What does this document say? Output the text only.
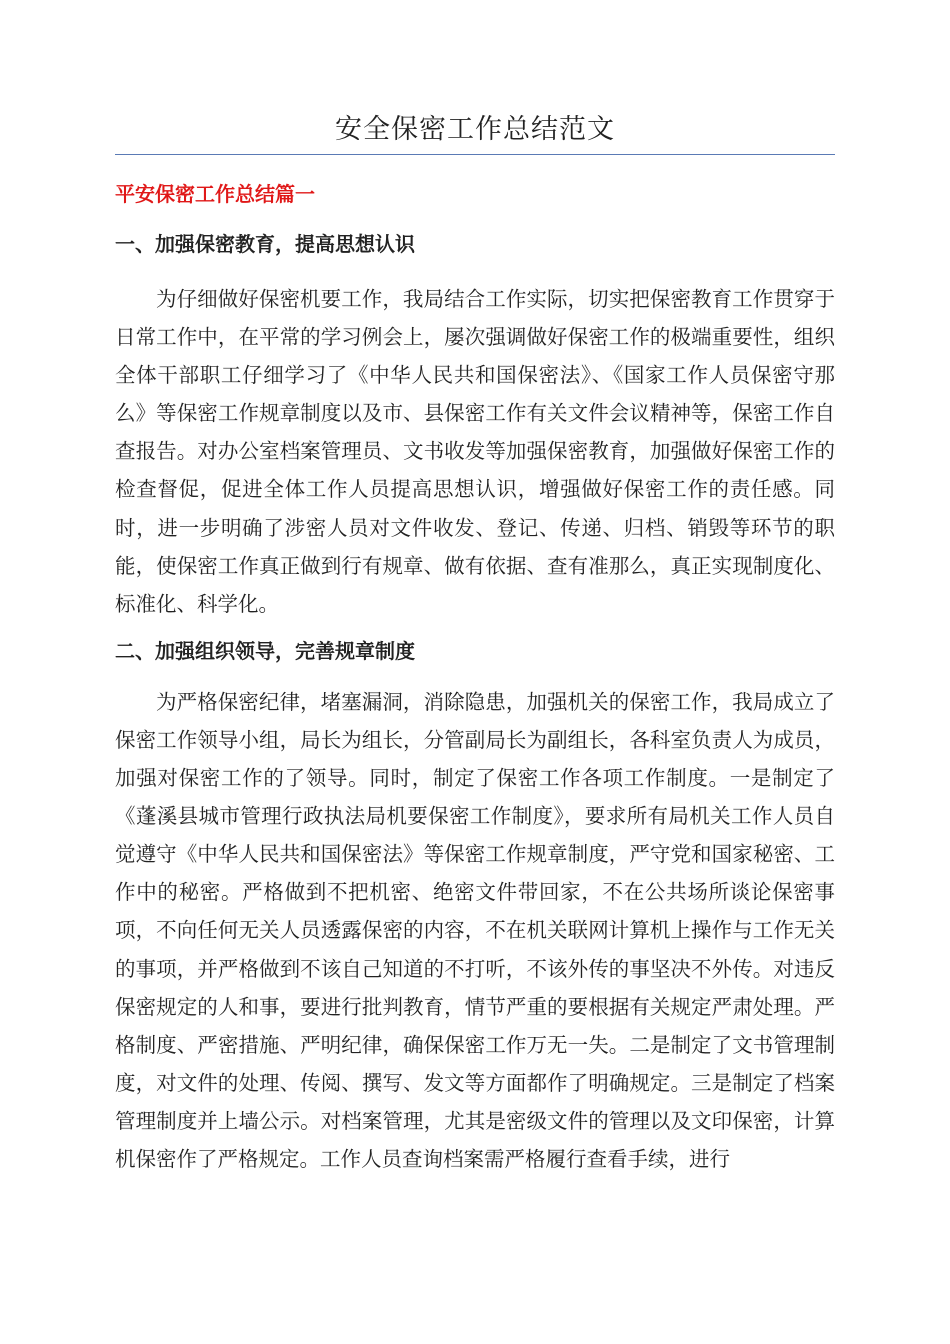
安全保密工作总结范文
平安保密工作总结篇一
一、加强保密教育，提高思想认识

为仔细做好保密机要工作，我局结合工作实际，切实把保密教育工作贯穿于日常工作中，在平常的学习例会上，屡次强调做好保密工作的极端重要性，组织全体干部职工仔细学习了《中华人民共和国保密法》、《国家工作人员保密守那么》等保密工作规章制度以及市、县保密工作有关文件会议精神等，保密工作自查报告。对办公室档案管理员、文书收发等加强保密教育，加强做好保密工作的检查督促，促进全体工作人员提高思想认识，增强做好保密工作的责任感。同时，进一步明确了涉密人员对文件收发、登记、传递、归档、销毁等环节的职能，使保密工作真正做到行有规章、做有依据、查有准那么，真正实现制度化、标准化、科学化。

二、加强组织领导，完善规章制度

为严格保密纪律，堵塞漏洞，消除隐患，加强机关的保密工作，我局成立了保密工作领导小组，局长为组长，分管副局长为副组长，各科室负责人为成员，加强对保密工作的了领导。同时，制定了保密工作各项工作制度。一是制定了《蓬溪县城市管理行政执法局机要保密工作制度》，要求所有局机关工作人员自觉遵守《中华人民共和国保密法》等保密工作规章制度，严守党和国家秘密、工作中的秘密。严格做到不把机密、绝密文件带回家，不在公共场所谈论保密事项，不向任何无关人员透露保密的内容，不在机关联网计算机上操作与工作无关的事项，并严格做到不该自己知道的不打听，不该外传的事坚决不外传。对违反保密规定的人和事，要进行批判教育，情节严重的要根据有关规定严肃处理。严格制度、严密措施、严明纪律，确保保密工作万无一失。二是制定了文书管理制度，对文件的处理、传阅、撰写、发文等方面都作了明确规定。三是制定了档案管理制度并上墙公示。对档案管理，尤其是密级文件的管理以及文印保密，计算机保密作了严格规定。工作人员查询档案需严格履行查看手续，进行
